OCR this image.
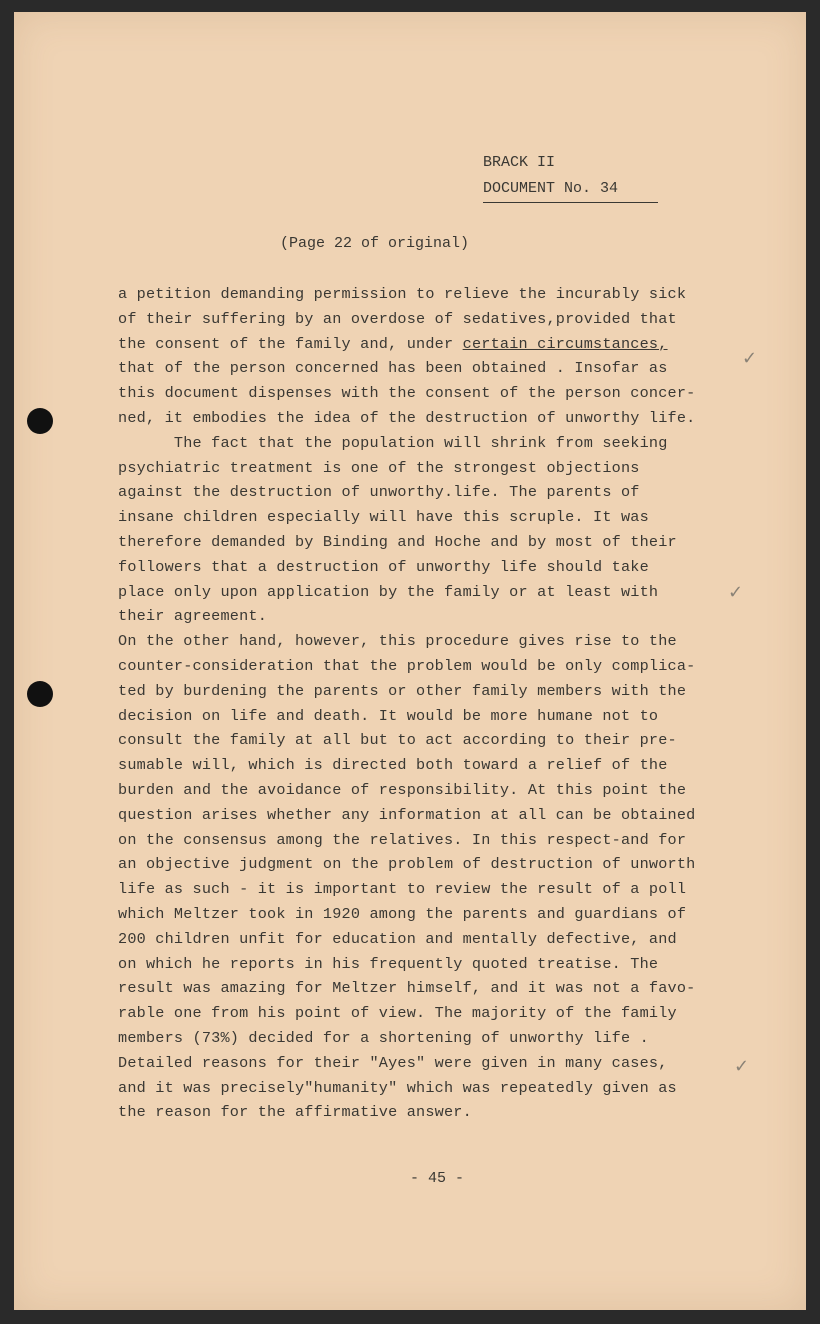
BRACK II
DOCUMENT No. 34
(Page 22 of original)
a petition demanding permission to relieve the incurably sick
of their suffering by an overdose of sedatives,provided that
the consent of the family and, under certain circumstances,
that of the person concerned has been obtained . Insofar as
this document dispenses with the consent of the person concer-
ned, it embodies the idea of the destruction of unworthy life.
The fact that the population will shrink from seeking
psychiatric treatment is one of the strongest objections
against the destruction of unworthy.life. The parents of
insane children especially will have this scruple. It was
therefore demanded by Binding and Hoche and by most of their
followers that a destruction of unworthy life should take
place only upon application by the family or at least with
their agreement.
On the other hand, however, this procedure gives rise to the
counter-consideration that the problem would be only complica-
ted by burdening the parents or other family members with the
decision on life and death. It would be more humane not to
consult the family at all but to act according to their pre-
sumable will, which is directed both toward a relief of the
burden and the avoidance of responsibility. At this point the
question arises whether any information at all can be obtained
on the consensus among the relatives. In this respect-and for
an objective judgment on the problem of destruction of unworth
life as such - it is important to review the result of a poll
which Meltzer took in 1920 among the parents and guardians of
200 children unfit for education and mentally defective, and
on which he reports in his frequently quoted treatise. The
result was amazing for Meltzer himself, and it was not a favo-
rable one from his point of view. The majority of the family
members (73%) decided for a shortening of unworthy life .
Detailed reasons for their "Ayes" were given in many cases,
and it was precisely"humanity" which was repeatedly given as
the reason for the affirmative answer.
✓
✓
✓
- 45 -
